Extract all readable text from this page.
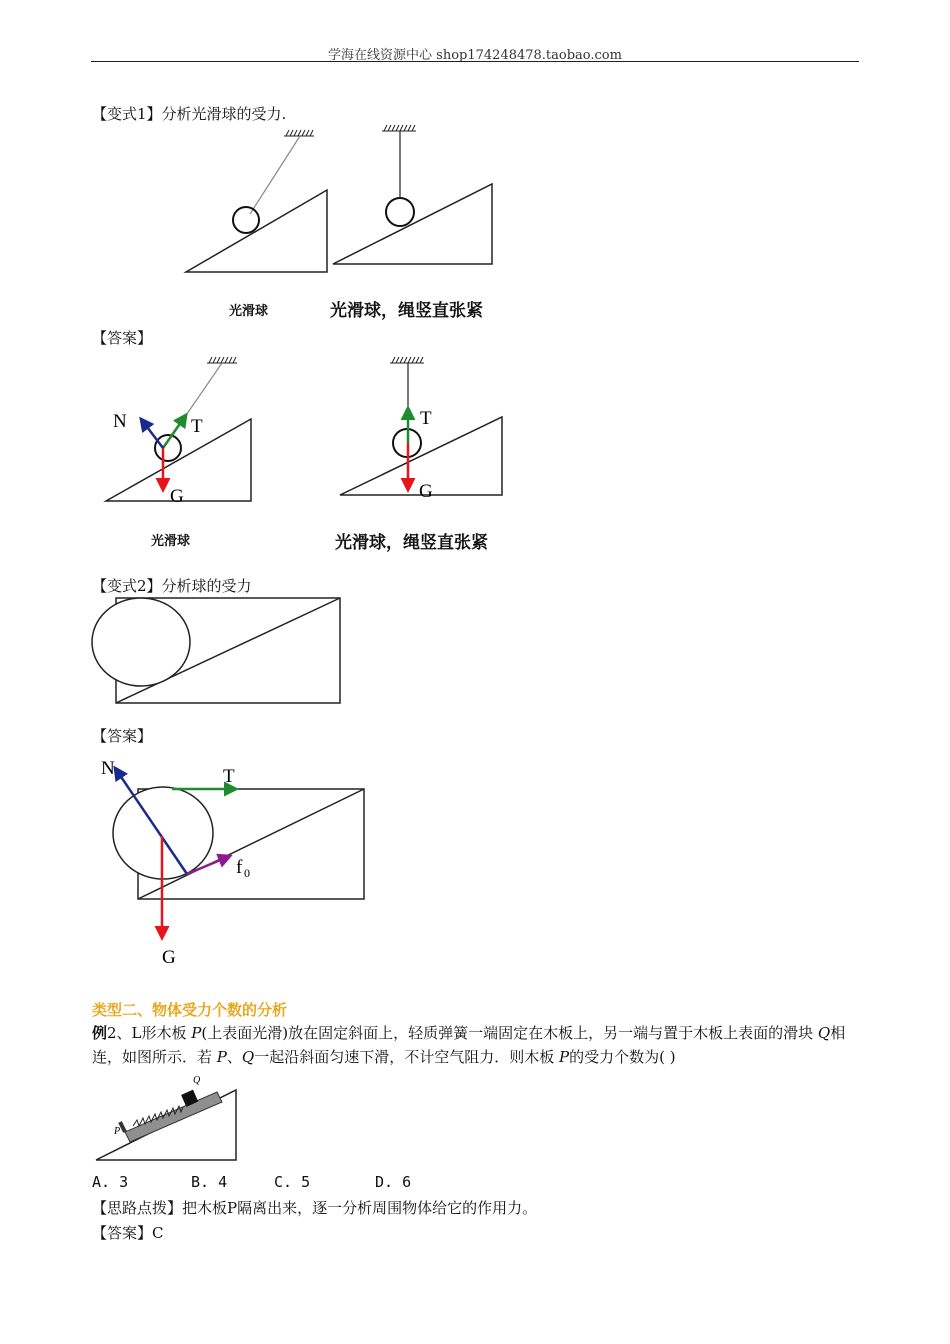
学海在线资源中心 shop174248478.taobao.com
【变式1】分析光滑球的受力.
光滑球	光滑球，绳竖直张紧
【答案】
N	T
G
T
G
光滑球	光滑球，绳竖直张紧
【变式2】分析球的受力
【答案】
N	T
f 0
G
类型二、物体受力个数的分析
例2、L形木板 P(上表面光滑)放在固定斜面上，轻质弹簧一端固定在木板上，另一端与置于木板上表面的滑块 Q相连，如图所示．若 P、Q一起沿斜面匀速下滑，不计空气阻力．则木板 P的受力个数为( )
P
Q
A. 3	B. 4	C. 5	D. 6
【思路点拨】把木板P隔离出来，逐一分析周围物体给它的作用力。
【答案】C
